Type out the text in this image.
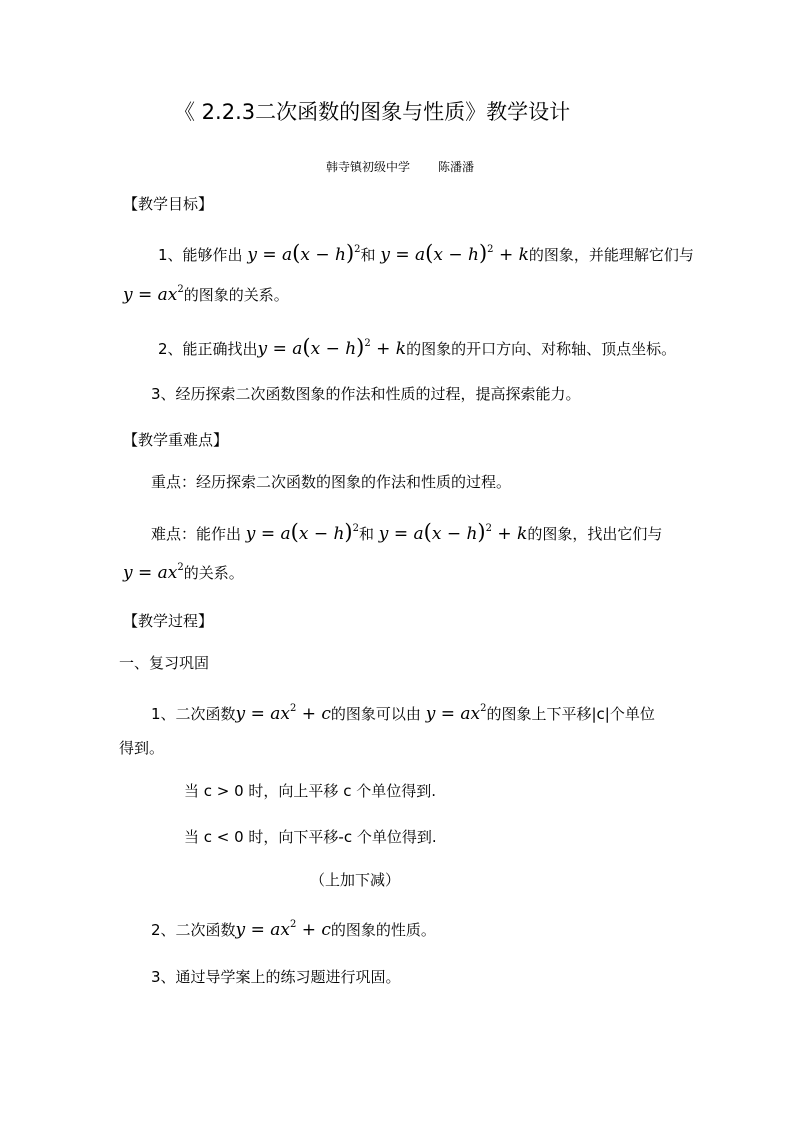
《 2.2.3二次函数的图象与性质》教学设计
韩寺镇初级中学 陈潘潘
【教学目标】
1、能够作出 $y = a(x - h)^2$和 $y = a(x - h)^2 + k$的图象，并能理解它们与
$y = ax^2$的图象的关系。
2、能正确找出$y = a(x - h)^2 + k$的图象的开口方向、对称轴、顶点坐标。
3、经历探索二次函数图象的作法和性质的过程，提高探索能力。
【教学重难点】
重点：经历探索二次函数的图象的作法和性质的过程。
难点：能作出 $y = a(x - h)^2$和 $y = a(x - h)^2 + k$的图象，找出它们与
$y = ax^2$的关系。
【教学过程】
一、复习巩固
1、二次函数$y = ax^2 + c$的图象可以由 $y = ax^2$的图象上下平移|c|个单位
得到。
当 c > 0 时，向上平移 c 个单位得到.
当 c < 0 时，向下平移-c 个单位得到.
（上加下减）
2、二次函数$y = ax^2 + c$的图象的性质。
3、通过导学案上的练习题进行巩固。
